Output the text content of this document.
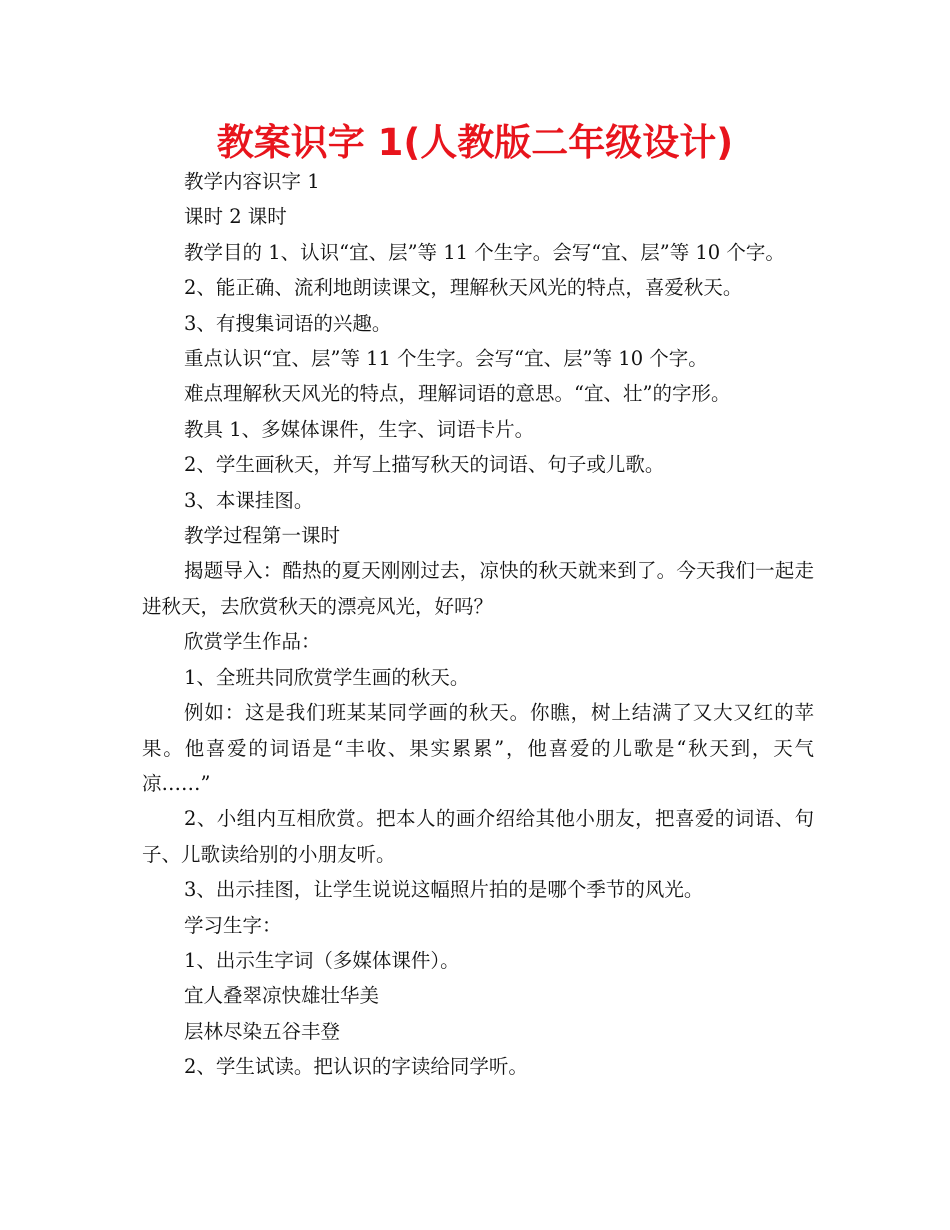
教案识字 1(人教版二年级设计)

教学内容识字 1

课时 2 课时

教学目的 1、认识“宜、层”等 11 个生字。会写“宜、层”等 10 个字。

2、能正确、流利地朗读课文，理解秋天风光的特点，喜爱秋天。

3、有搜集词语的兴趣。

重点认识“宜、层”等 11 个生字。会写“宜、层”等 10 个字。

难点理解秋天风光的特点，理解词语的意思。“宜、壮”的字形。

教具 1、多媒体课件，生字、词语卡片。

2、学生画秋天，并写上描写秋天的词语、句子或儿歌。

3、本课挂图。

教学过程第一课时

揭题导入：酷热的夏天刚刚过去，凉快的秋天就来到了。今天我们一起走进秋天，去欣赏秋天的漂亮风光，好吗？

欣赏学生作品：

1、全班共同欣赏学生画的秋天。

例如：这是我们班某某同学画的秋天。你瞧，树上结满了又大又红的苹果。他喜爱的词语是“丰收、果实累累”，他喜爱的儿歌是“秋天到，天气凉……”

2、小组内互相欣赏。把本人的画介绍给其他小朋友，把喜爱的词语、句子、儿歌读给别的小朋友听。

3、出示挂图，让学生说说这幅照片拍的是哪个季节的风光。

学习生字：

1、出示生字词（多媒体课件）。

宜人叠翠凉快雄壮华美

层林尽染五谷丰登

2、学生试读。把认识的字读给同学听。
